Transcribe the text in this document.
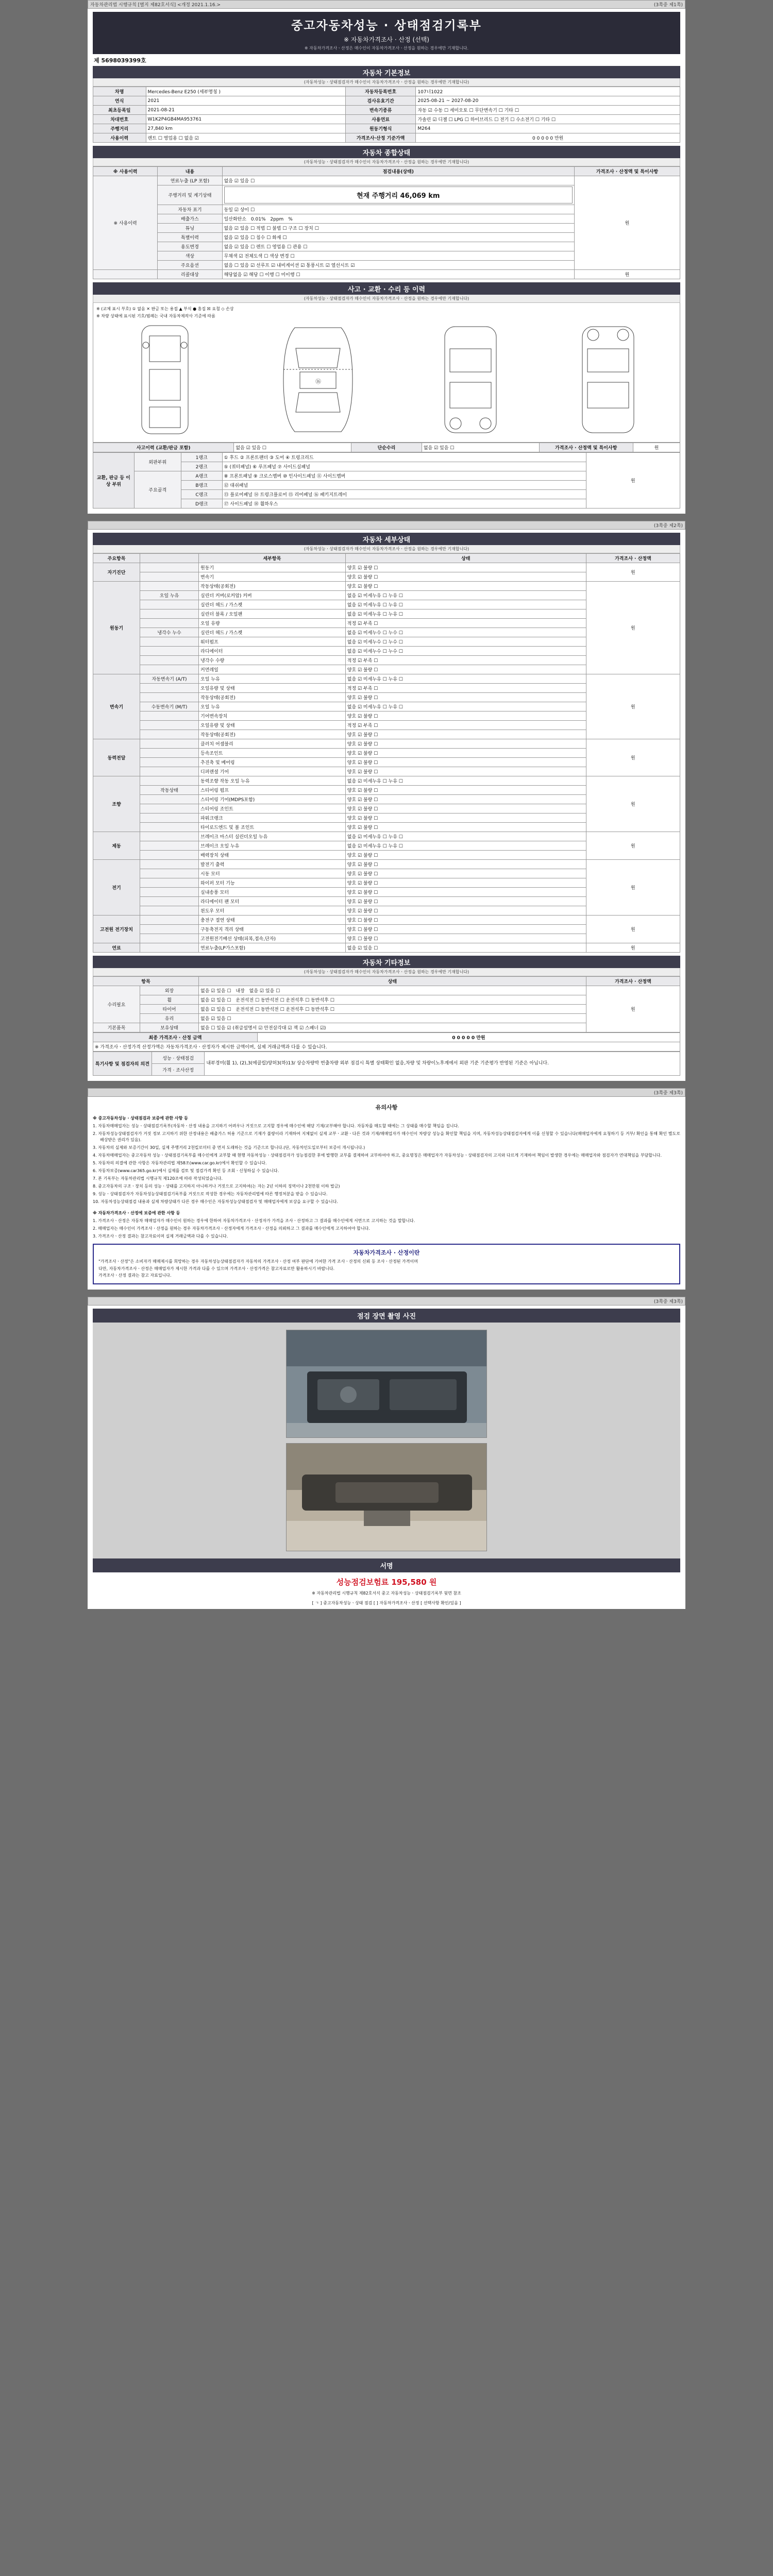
자동차관리법 시행규칙 [별지 제82호서식] <개정 2021.1.16.>	(3쪽중 제1쪽)
중고자동차성능 · 상태점검기록부
※ 자동차가격조사 · 산정 (선택)
※ 자동차가격조사ㆍ산정은 매수인이 자동차가격조사ㆍ산정을 원하는 경우에만 기재합니다.
제 5698039399호
자동차 기본정보
(자동차성능ㆍ상태점검자가 매수인이 자동차가격조사ㆍ산정을 원하는 경우에만 기재합니다)
차명	Mercedes-Benz E250 (세부명칭 )	자동차등록번호	107너1022
연식	2021	검사유효기간	2025-08-21 ~ 2027-08-20
최초등록일	2021-08-21	변속기종류	자동 ☑ 수동 ☐ 세미오토 ☐ 무단변속기 ☐ 기타 ☐
차대번호	W1K2P4GB4MA953761	사용연료	가솔린 ☑ 디젤 ☐ LPG ☐ 하이브리드 ☐ 전기 ☐ 수소전기 ☐ 기타 ☐
주행거리	27,840 km	원동기형식	M264
사용이력	렌트 ☐ 영업용 ☐ 없음 ☑	가격조사·산정 기준가액	0 0 0 0 0 만원
자동차 종합상태
(자동차성능ㆍ상태점검자가 매수인이 자동차가격조사ㆍ산정을 원하는 경우에만 기재합니다)
※ 사용이력	내용	점검내용(상태)	가격조사 · 산정액 및 특이사항
※ 사용이력	연료누출 (LP 포함)	없음 ☑ 있음 ☐	원
	주행거리 및 계기상태	현재 주행거리 46,069 km	

	자동차 표기	동일 ☑ 상이 ☐	
	배출가스	일산화탄소 0.01% 2ppm %	
	튜닝	없음 ☑ 있음 ☐ 적법 ☐ 불법 ☐ 구조 ☐ 장치 ☐	
	특별이력	없음 ☑ 있음 ☐ 침수 ☐ 화재 ☐	
	용도변경	없음 ☑ 있음 ☐ 렌트 ☐ 영업용 ☐ 관용 ☐	
	색상	무채색 ☑ 전체도색 ☐ 색상 변경 ☐	
	주요옵션	없음 ☐ 있음 ☑ 선루프 ☑ 내비게이션 ☑ 통풍시트 ☑ 열선시트 ☑	
	리콜대상	해당없음 ☑ 해당 ☐ 이행 ☐ 미이행 ☐	원
사고 · 교환 · 수리 등 이력
(자동차성능ㆍ상태점검자가 매수인이 자동차가격조사ㆍ산정을 원하는 경우에만 기재합니다)
※ (교체 표시 부호) ① 없음 ✕ 판금 또는 용접 ▲ 부식 ● 흠집 ☒ 요철 ◇ 손상
※ 차량 상태에 표시된 기호/범례는 국내 자동차제작사 기준에 따름
⑯
사고이력 (교환/판금 포함)	없음 ☑ 있음 ☐	단순수리	없음 ☑ 있음 ☐	가격조사 · 산정액 및 특이사항	원
교환, 판금 등 이상 부위	외판부위	1랭크	① 후드 ② 프론트팬더 ③ 도어 ④ 트렁크리드	원
		2랭크	⑤ (쿼터패널) ⑥ 루프패널 ⑦ 사이드실패널	
	주요골격	A랭크	⑧ 프론트패널 ⑨ 크로스멤버 ⑩ 인사이드패널 ⑪ 사이드멤버	
		B랭크	⑫ 대쉬패널	
		C랭크	⑬ 플로어패널 ⑭ 트렁크플로어 ⑮ 리어패널 ⑯ 패키지트레이	
		D랭크	⑰ 사이드패널 ⑱ 휠하우스	

(3쪽중 제2쪽)
자동차 세부상태
(자동차성능ㆍ상태점검자가 매수인이 자동차가격조사ㆍ산정을 원하는 경우에만 기재합니다)
주요항목		세부항목	상태	가격조사 · 산정액
자기진단		원동기	양호 ☑ 불량 ☐	원
		변속기	양호 ☑ 불량 ☐	
원동기		작동상태(공회전)	양호 ☑ 불량 ☐	원
	오일 누유	실린더 커버(로커암) 커버	없음 ☑ 미세누유 ☐ 누유 ☐	
		실린더 헤드 / 가스켓	없음 ☑ 미세누유 ☐ 누유 ☐	
		실린더 블록 / 오일팬	없음 ☑ 미세누유 ☐ 누유 ☐	
		오일 유량	적정 ☑ 부족 ☐	
	냉각수 누수	실린더 헤드 / 가스켓	없음 ☑ 미세누수 ☐ 누수 ☐	
		워터펌프	없음 ☑ 미세누수 ☐ 누수 ☐	
		라디에이터	없음 ☑ 미세누수 ☐ 누수 ☐	
		냉각수 수량	적정 ☑ 부족 ☐	
		커먼레일	양호 ☑ 불량 ☐	
변속기	자동변속기 (A/T)	오일 누유	없음 ☑ 미세누유 ☐ 누유 ☐	원
		오일유량 및 상태	적정 ☑ 부족 ☐	
		작동상태(공회전)	양호 ☑ 불량 ☐	
	수동변속기 (M/T)	오일 누유	없음 ☑ 미세누유 ☐ 누유 ☐	
		기어변속장치	양호 ☑ 불량 ☐	
		오일유량 및 상태	적정 ☑ 부족 ☐	
		작동상태(공회전)	양호 ☑ 불량 ☐	
동력전달		클러치 어셈블리	양호 ☑ 불량 ☐	원
		등속조인트	양호 ☑ 불량 ☐	
		추진축 및 베어링	양호 ☑ 불량 ☐	
		디퍼렌셜 기어	양호 ☑ 불량 ☐	
조향		동력조향 작동 오일 누유	없음 ☑ 미세누유 ☐ 누유 ☐	원
	작동상태	스티어링 펌프	양호 ☑ 불량 ☐	
		스티어링 기어(MDPS포함)	양호 ☑ 불량 ☐	
		스티어링 조인트	양호 ☑ 불량 ☐	
		파워크랭크	양호 ☑ 불량 ☐	
		타이로드엔드 및 볼 조인트	양호 ☑ 불량 ☐	
제동		브레이크 마스터 실린더오일 누유	없음 ☑ 미세누유 ☐ 누유 ☐	원
		브레이크 오일 누유	없음 ☑ 미세누유 ☐ 누유 ☐	
		배력장치 상태	양호 ☑ 불량 ☐	
전기		발전기 출력	양호 ☑ 불량 ☐	원
		시동 모터	양호 ☑ 불량 ☐	
		와이퍼 모터 기능	양호 ☑ 불량 ☐	
		실내송풍 모터	양호 ☑ 불량 ☐	
		라디에이터 팬 모터	양호 ☑ 불량 ☐	
		윈도우 모터	양호 ☑ 불량 ☐	
고전원 전기장치		충전구 절연 상태	양호 ☐ 불량 ☐	원
		구동축전지 격리 상태	양호 ☐ 불량 ☐	
		고전원전기배선 상태(피복,접속,단자)	양호 ☐ 불량 ☐	
연료		연료누출(LP가스포함)	없음 ☑ 있음 ☐	원
자동차 기타정보
(자동차성능ㆍ상태점검자가 매수인이 자동차가격조사ㆍ산정을 원하는 경우에만 기재합니다)
항목		상태	가격조사 · 산정액
수리필요	외장	없음 ☑ 있음 ☐ 내장 없음 ☑ 있음 ☐	원
	휠	없음 ☑ 있음 ☐ 운전석전 ☐ 동반석전 ☐ 운전석후 ☐ 동반석후 ☐	
	타이어	없음 ☑ 있음 ☐ 운전석전 ☐ 동반석전 ☐ 운전석후 ☐ 동반석후 ☐	
	유리	없음 ☑ 있음 ☐	
기본품목	보유상태	없음 ☐ 있음 ☑ (취급설명서 ☑ 안전삼각대 ☑ 잭 ☑ 스패너 ☑)	
최종 가격조사 · 산정 금액	0 0 0 0 0 만원
※ 가격조사ㆍ산정가격 산정가액은 자동차가격조사ㆍ산정자가 제시한 금액이며, 실제 거래금액과 다를 수 있습니다.
특기사항 및 점검자의 의견	성능 · 상태점검	내부경미(휠 1), (2),3(에클립)양허3(하)13/ 상승차량박 번출차량 외부 점검시 특별 상태확인 없음,차량 및 차량이노후계에서 외판 기준 기준평가 반영된 기준은 아닙니다.
가격 · 조사산정

(3쪽중 제3쪽)
유의사항

※ 중고자동차성능 · 상태점검과 보증에 관한 사항 등

1. 자동차매매업자는 성능ㆍ상태점검기록부(자동차ㆍ산정 내용을 고지하기 어려우나 거짓으로 고지할 경우에 매수인에 해당 기재/교부해야 합니다. 자동차를 매도할 때에는 그 상태를 매수할 책임을 집니다.

2. 자동차성능상태점검자가 거짓 정보 고지하기 위한 산정내용은 배출가스 허용 기준으로 기재가 불량이라 기재하여 지체없이 실제 교부ㆍ교환ㆍ다른 것과 기재/매매업자가 매수인이 차량상 성능을 확인할 책임을 지며, 자동차성능상태점검자에게 이를 신청할 수 있습니다(매매업자에게 요청하기 등 거부/ 확인을 통해 확인 별도로 배상받은 권리가 있음).

3. 자동차의 실제와 보증기간이 30일, 실제 주행거리 2천킬로미터 중 먼저 도래하는 것을 기준으로 합니다.(단, 자동차인도일로부터 보증이 개시됩니다.)

4. 자동차매매업자는 중고자동차 성능ㆍ상태점검기록부를 매수인에게 교부할 때 현행 자동차성능ㆍ상태점검자가 성능점검한 후에 발행한 교부를 결제하여 교부하여야 하고, 중요명칭은 매매업자가 자동차성능ㆍ상태점검자의 고지와 다르게 기재하여 책임이 발생한 경우에는 매매업자와 점검자가 연대책임을 부담합니다.

5. 자동차의 의결에 관한 사항은 자동차관리법 제58조(www.car.go.kr)에서 확인할 수 있습니다.

6. 자동차보증(www.car365.go.kr)에서 실제를 검토 및 점검가격 확인 등 조회ㆍ신청하실 수 있습니다.

7. 본 기록부는 자동차관리법 시행규칙 제120조에 따라 작성되었습니다.

8. 중고자동차의 구조ㆍ장치 등의 성능ㆍ상태를 고지하지 아니하거나 거짓으로 고지하여(는 자는 2년 이하의 징역이나 2천만원 이하 벌금)

9. 성능ㆍ상태점검자가 자동차성능상태점검기록부를 거짓으로 작성한 경우에는 자동차관리법에 따른 행정처분을 받을 수 있습니다.

10. 자동차성능상태점검 내용과 실제 차량상태가 다른 경우 매수인은 자동차성능상태점검자 및 매매업자에게 보상을 요구할 수 있습니다.

※ 자동차가격조사 · 산정에 보증에 관한 사항 등

1. 가격조사ㆍ산정은 자동차 매매업자가 매수인이 원하는 경우에 한하여 자동차가격조사ㆍ산정자가 가격을 조사ㆍ산정하고 그 결과를 매수인에게 서면으로 고지하는 것을 말합니다.

2. 매매업자는 매수인이 가격조사ㆍ산정을 원하는 경우 자동차가격조사ㆍ산정자에게 가격조사ㆍ산정을 의뢰하고 그 결과를 매수인에게 고지하여야 합니다.

3. 가격조사ㆍ산정 결과는 참고자료이며 실제 거래금액과 다를 수 있습니다.

자동차가격조사 · 산정이란

"가격조사ㆍ산정"은 소비자가 매매제시를 희망하는 경우 자동차성능상태점검자가 자동차의 가격조사ㆍ산정 여부 판단에 기여한 가격 조사ㆍ산정의 신뢰 등 조사ㆍ산정된 가격이며

다만, 자동차가격조사ㆍ산정은 매매업자가 제시한 가격과 다를 수 있으며 가격조사ㆍ산정가격은 참고자료로만 활용하시기 바랍니다.

가격조사ㆍ산정 결과는 참고 자료입니다.

(3쪽중 제3쪽)
점검 장면 촬영 사진
서명
성능점검보험료 195,580 원
※ 자동차관리법 시행규칙 제82호서식 중고 자동차성능ㆍ상태점검기록부 뒷면 참조
[ ㄱ ] 중고자동차성능ㆍ상태 점검 [ ] 자동차가격조사ㆍ산정 [ 선택사항 확인/있음 ]
